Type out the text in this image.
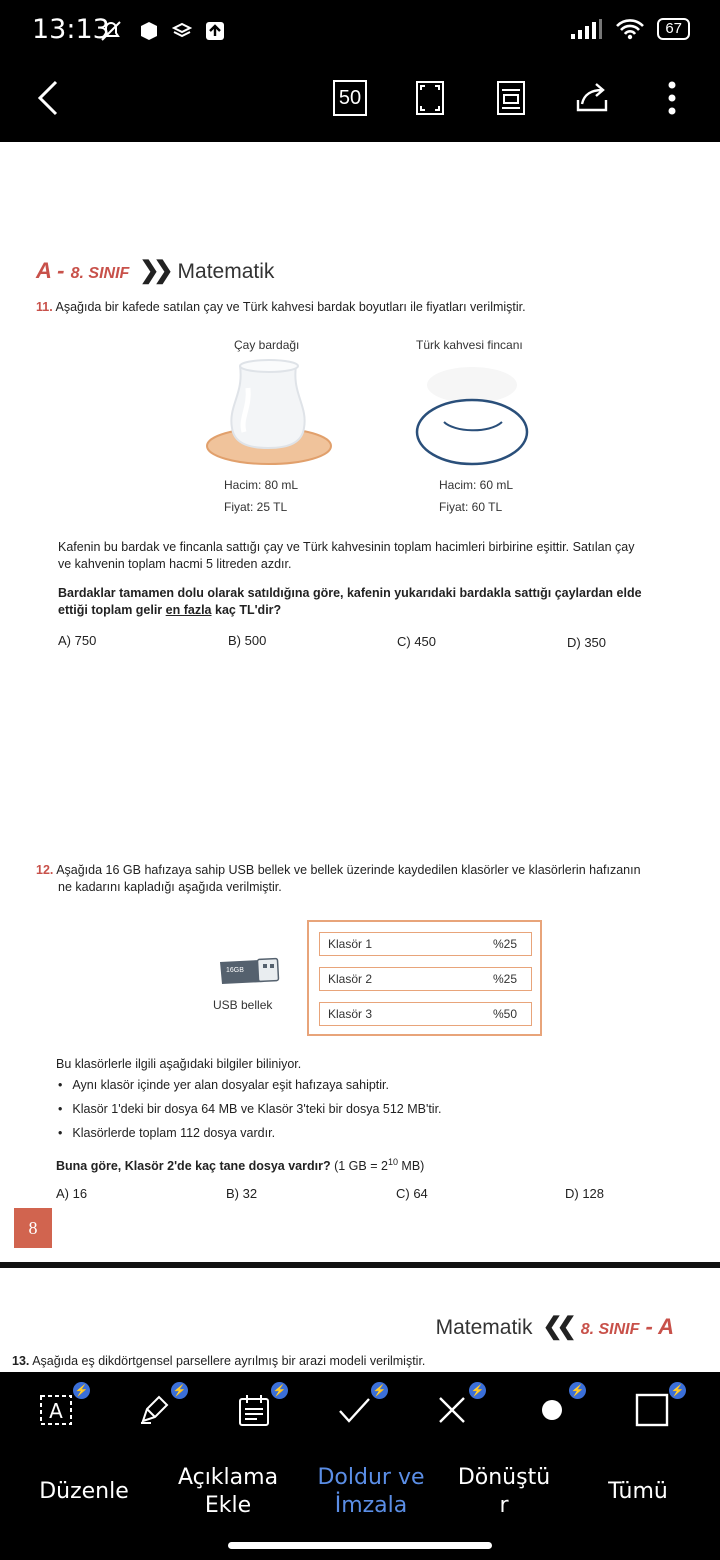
13:13	67
50
A - 8. SINIF ❯❯ Matematik
11. Aşağıda bir kafede satılan çay ve Türk kahvesi bardak boyutları ile fiyatları verilmiştir.
Çay bardağı	Türk kahvesi fincanı
Hacim: 80 mL
Fiyat: 25 TL
Hacim: 60 mL
Fiyat: 60 TL
Kafenin bu bardak ve fincanla sattığı çay ve Türk kahvesinin toplam hacimleri birbirine eşittir. Satılan çay
ve kahvenin toplam hacmi 5 litreden azdır.
Bardaklar tamamen dolu olarak satıldığına göre, kafenin yukarıdaki bardakla sattığı çaylardan elde
ettiği toplam gelir en fazla kaç TL'dir?
A) 750	B) 500	C) 450	D) 350
12. Aşağıda 16 GB hafızaya sahip USB bellek ve bellek üzerinde kaydedilen klasörler ve klasörlerin hafızanın
ne kadarını kapladığı aşağıda verilmiştir.
16GB
USB bellek
Klasör 1	%25
Klasör 2	%25
Klasör 3	%50
Bu klasörlerle ilgili aşağıdaki bilgiler biliniyor.
• Aynı klasör içinde yer alan dosyalar eşit hafızaya sahiptir.
• Klasör 1'deki bir dosya 64 MB ve Klasör 3'teki bir dosya 512 MB'tir.
• Klasörlerde toplam 112 dosya vardır.
Buna göre, Klasör 2'de kaç tane dosya vardır? (1 GB = $2^{10}$ MB)
A) 16	B) 32	C) 64	D) 128
8
Matematik ❮❮ 8. SINIF - A
13. Aşağıda eş dikdörtgensel parsellere ayrılmış bir arazi modeli verilmiştir.
A
⚡	⚡	⚡	⚡	⚡	⚡	⚡
Düzenle
Açıklama
Ekle
Doldur ve
İmzala
Dönüştü
r
Tümü
